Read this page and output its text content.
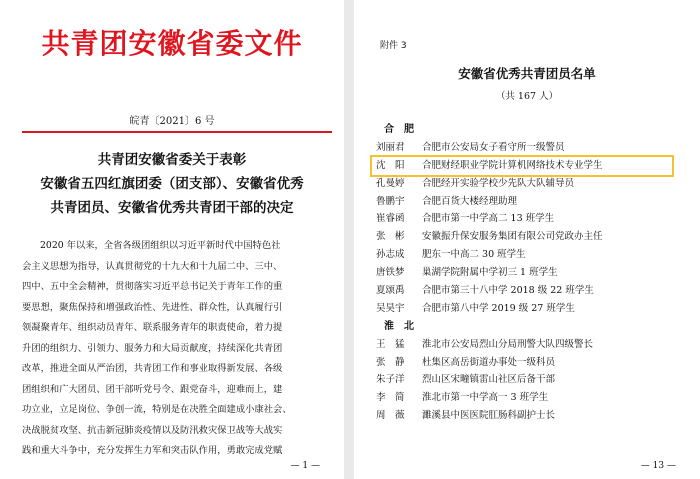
共青团安徽省委文件
皖青〔2021〕6 号
共青团安徽省委关于表彰
安徽省五四红旗团委（团支部）、安徽省优秀
共青团员、安徽省优秀共青团干部的决定
2020 年以来，全省各级团组织以习近平新时代中国特色社
会主义思想为指导，认真贯彻党的十九大和十九届二中、三中、
四中、五中全会精神，贯彻落实习近平总书记关于青年工作的重
要思想，聚焦保持和增强政治性、先进性、群众性，认真履行引
领凝聚青年、组织动员青年、联系服务青年的职责使命，着力提
升团的组织力、引领力、服务力和大局贡献度，持续深化共青团
改革，推进全面从严治团，共青团工作和事业取得新发展、各级
团组织和广大团员、团干部听党号令、跟党奋斗，迎难而上，建
功立业，立足岗位、争创一流，特别是在决胜全面建成小康社会、
决战脱贫攻坚、抗击新冠肺炎疫情以及防汛救灾保卫战等大战实
践和重大斗争中，充分发挥生力军和突击队作用，勇敢完成党赋
— 1 —
附件 3
安徽省优秀共青团员名单
（共 167 人）
合　肥
刘丽君	合肥市公安局女子看守所一级警员
沈　阳	合肥财经职业学院计算机网络技术专业学生
孔曼婷	合肥经开实验学校少先队大队辅导员
鲁鹏宇	合肥百货大楼经理助理
崔睿函	合肥市第一中学高二 13 班学生
张　彬	安徽振升保安服务集团有限公司党政办主任
孙志成	肥东一中高二 30 班学生
唐铁梦	巢湖学院附属中学初三 1 班学生
夏颂禹	合肥市第三十八中学 2018 级 22 班学生
吴昊宇	合肥市第八中学 2019 级 27 班学生
淮　北
王　猛	淮北市公安局烈山分局刑警大队四级警长
张　静	杜集区高岳街道办事处一级科员
朱子洋	烈山区宋疃镇雷山社区后备干部
李　简	淮北市第一中学高一 3 班学生
周　薇	濉溪县中医医院肛肠科副护士长
— 13 —
